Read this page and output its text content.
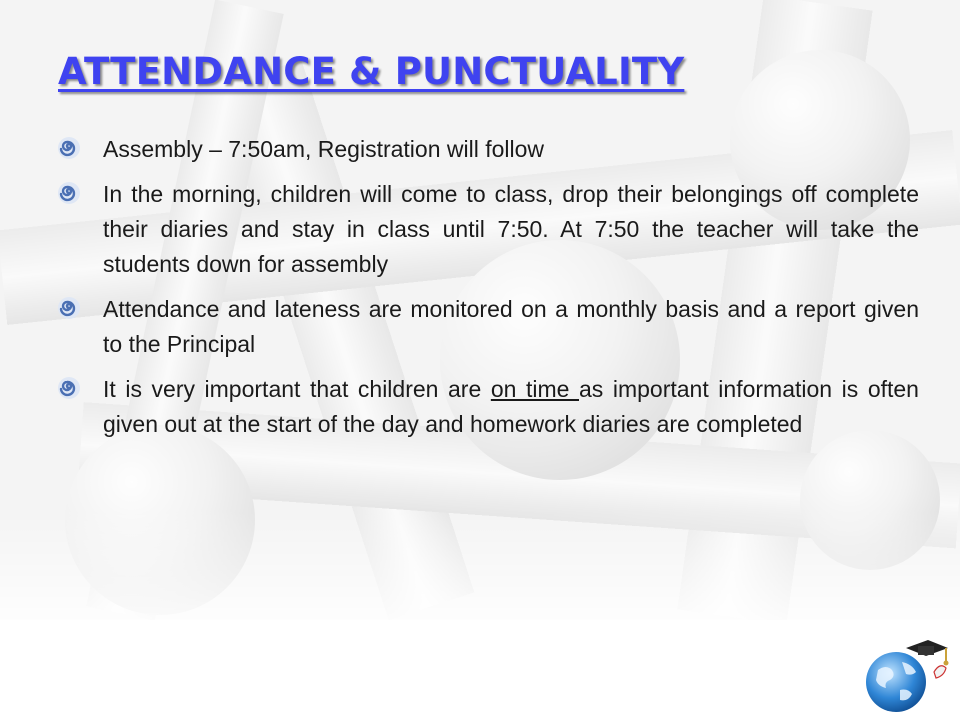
ATTENDANCE & PUNCTUALITY
Assembly – 7:50am, Registration will follow
In the morning, children will come to class, drop their belongings off complete their diaries and stay in class until 7:50. At 7:50 the teacher will take the students down for assembly
Attendance and lateness are monitored on a monthly basis and a report given to the Principal
It is very important that children are on time as important information is often given out at the start of the day and homework diaries are completed
